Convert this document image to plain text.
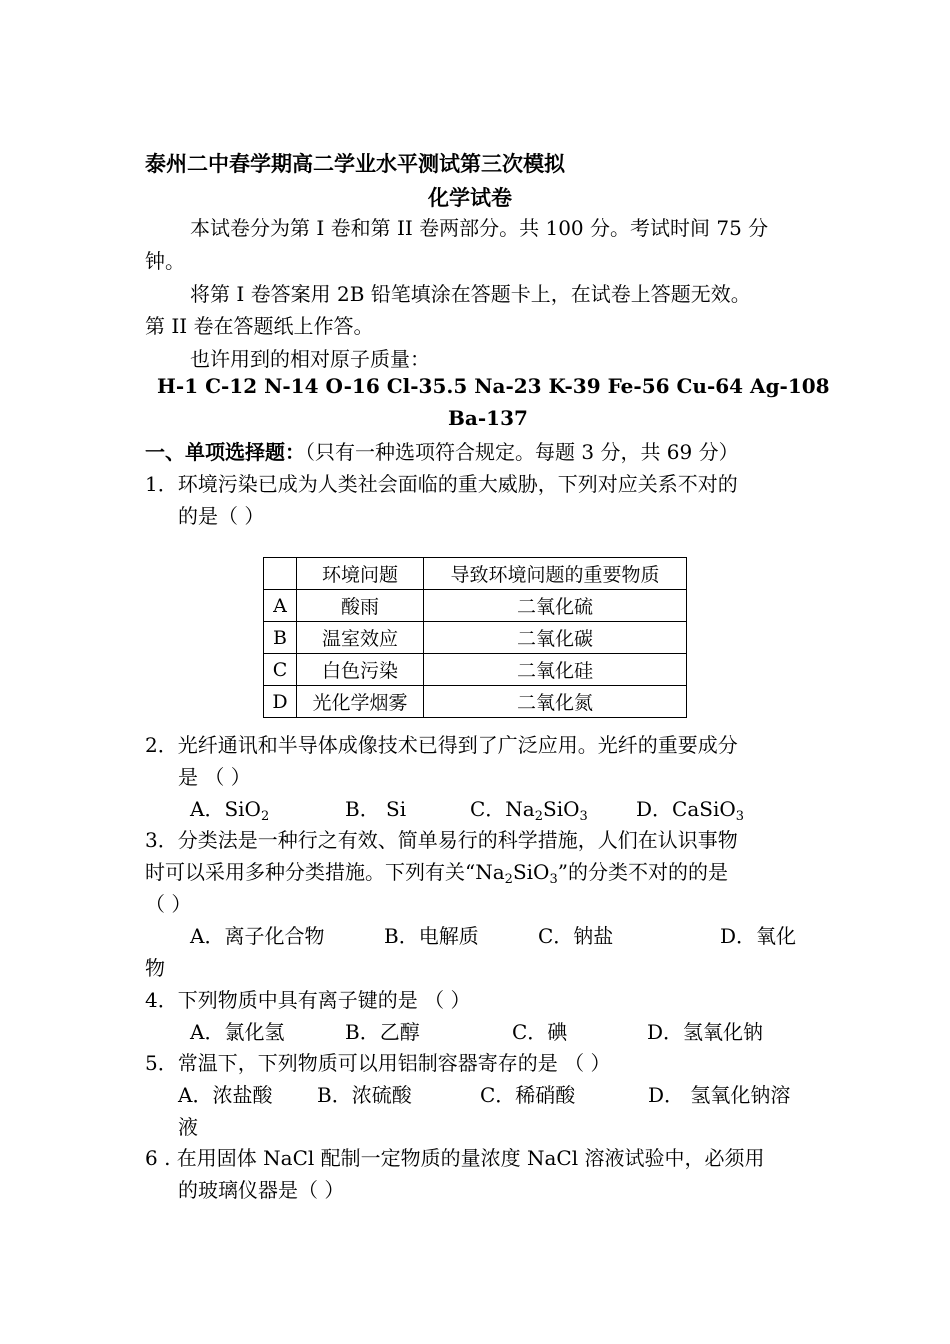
泰州二中春学期高二学业水平测试第三次模拟
化学试卷
本试卷分为第 I 卷和第 II 卷两部分。共 100 分。考试时间 75 分
钟。
将第 I 卷答案用 2B 铅笔填涂在答题卡上，在试卷上答题无效。
第 II 卷在答题纸上作答。
也许用到的相对原子质量：
H-1 C-12 N-14 O-16 Cl-35.5 Na-23 K-39 Fe-56 Cu-64 Ag-108
Ba-137
一、单项选择题：（只有一种选项符合规定。每题 3 分，共 69 分）
1．环境污染已成为人类社会面临的重大威胁，下列对应关系不对的
的是（ ）
	环境问题	导致环境问题的重要物质
A	酸雨	二氧化硫
B	温室效应	二氧化碳
C	白色污染	二氧化硅
D	光化学烟雾	二氧化氮
2．光纤通讯和半导体成像技术已得到了广泛应用。光纤的重要成分
是 （ ）
A．SiO$_2$	B． Si	C．$Na_2SiO_3$ D．CaSiO$_3$
3．分类法是一种行之有效、简单易行的科学措施，人们在认识事物
时可以采用多种分类措施。下列有关“$Na_2SiO_3$”的分类不对的的是
（ ）
A．离子化合物	B．电解质	C．钠盐	D．氧化
物
4．下列物质中具有离子键的是 （ ）
A．氯化氢	B．乙醇	C．碘	D．氢氧化钠
5．常温下，下列物质可以用铝制容器寄存的是 （ ）
A．浓盐酸 B．浓硫酸	C．稀硝酸	D． 氢氧化钠溶
液
6 . 在用固体 NaCl 配制一定物质的量浓度 NaCl 溶液试验中，必须用
的玻璃仪器是（ ）
